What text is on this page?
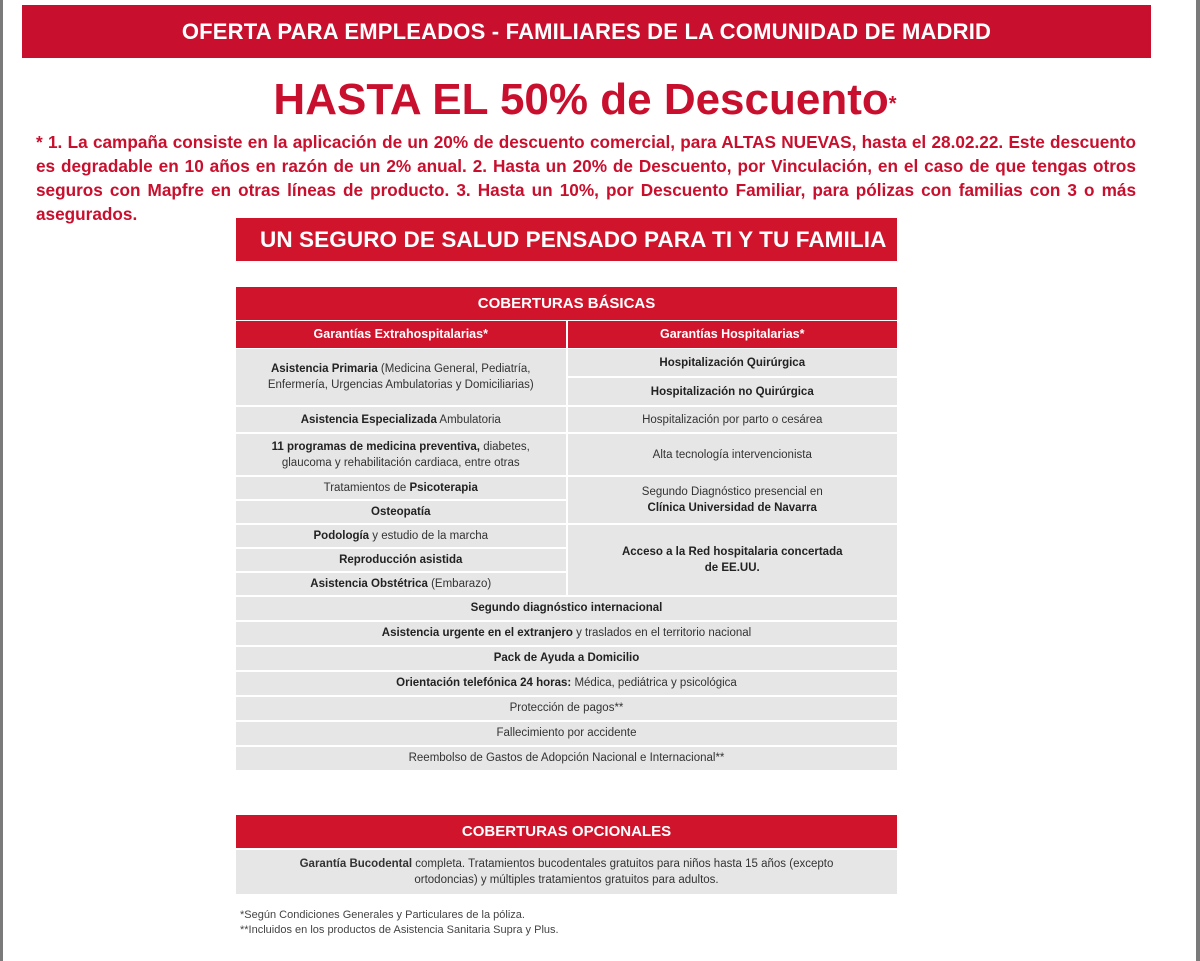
OFERTA PARA EMPLEADOS - FAMILIARES DE LA COMUNIDAD DE MADRID
HASTA EL 50% de Descuento*
* 1. La campaña consiste en la aplicación de un 20% de descuento comercial, para ALTAS NUEVAS, hasta el 28.02.22. Este descuento es degradable en 10 años en razón de un 2% anual. 2. Hasta un 20% de Descuento, por Vinculación, en el caso de que tengas otros seguros con Mapfre en otras líneas de producto. 3. Hasta un 10%, por Descuento Familiar, para pólizas con familias con 3 o más asegurados.
UN SEGURO DE SALUD PENSADO PARA TI Y TU FAMILIA
COBERTURAS BÁSICAS
Garantías Extrahospitalarias*	Garantías Hospitalarias*
Asistencia Primaria (Medicina General, Pediatría, Enfermería, Urgencias Ambulatorias y Domiciliarias)
Asistencia Especializada Ambulatoria
11 programas de medicina preventiva, diabetes, glaucoma y rehabilitación cardiaca, entre otras
Tratamientos de Psicoterapia
Osteopatía
Podología y estudio de la marcha
Reproducción asistida
Asistencia Obstétrica (Embarazo)
Hospitalización Quirúrgica
Hospitalización no Quirúrgica
Hospitalización por parto o cesárea
Alta tecnología intervencionista
Segundo Diagnóstico presencial en
Clínica Universidad de Navarra
Acceso a la Red hospitalaria concertada
de EE.UU.
Segundo diagnóstico internacional
Asistencia urgente en el extranjero y traslados en el territorio nacional
Pack de Ayuda a Domicilio
Orientación telefónica 24 horas: Médica, pediátrica y psicológica
Protección de pagos**
Fallecimiento por accidente
Reembolso de Gastos de Adopción Nacional e Internacional**
COBERTURAS OPCIONALES
Garantía Bucodental completa. Tratamientos bucodentales gratuitos para niños hasta 15 años (excepto ortodoncias) y múltiples tratamientos gratuitos para adultos.
*Según Condiciones Generales y Particulares de la póliza.
**Incluidos en los productos de Asistencia Sanitaria Supra y Plus.
